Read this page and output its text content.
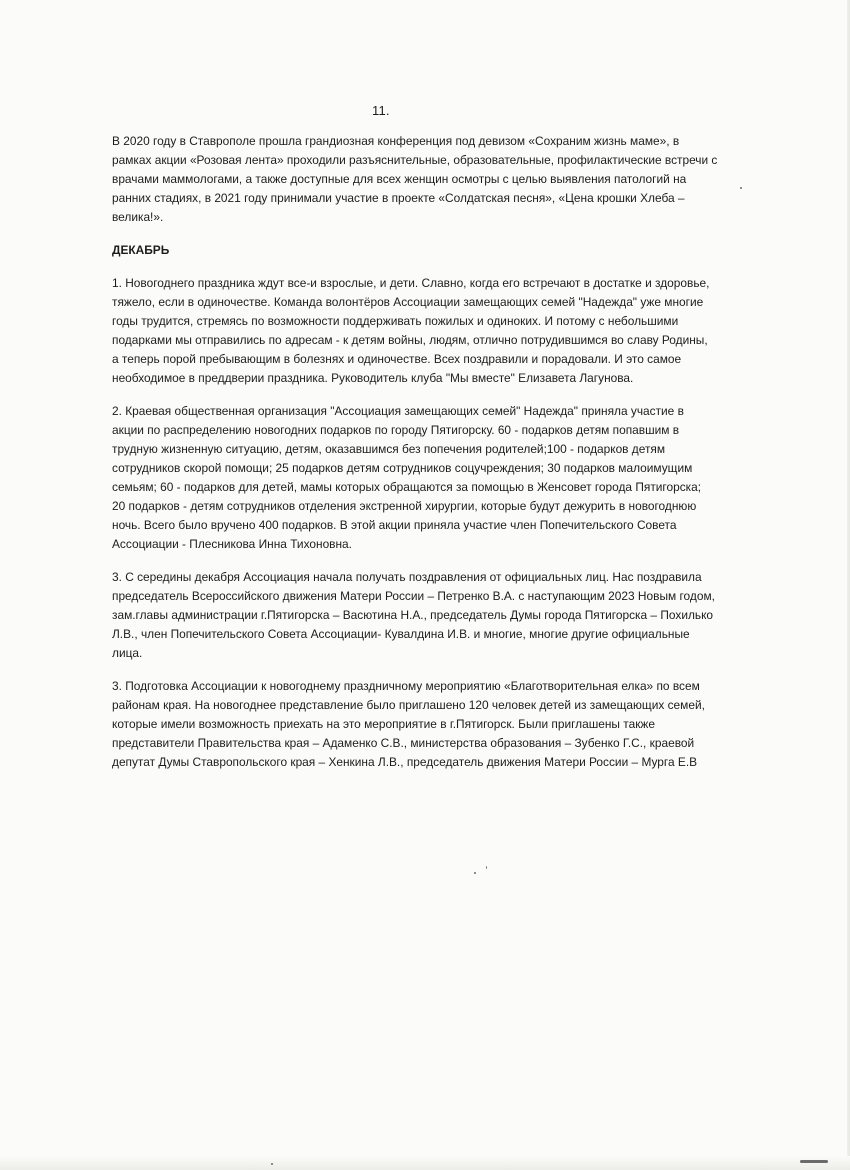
11.
В 2020 году в Ставрополе прошла грандиозная конференция под девизом «Сохраним жизнь маме», в
рамках акции «Розовая лента» проходили разъяснительные, образовательные, профилактические встречи с
врачами маммологами, а также доступные для всех женщин осмотры с целью выявления патологий на
ранних стадиях, в 2021 году принимали участие в проекте «Солдатская песня», «Цена крошки Хлеба –
велика!».
ДЕКАБРЬ
1. Новогоднего праздника ждут все-и взрослые, и дети. Славно, когда его встречают в достатке и здоровье,
тяжело, если в одиночестве. Команда волонтёров Ассоциации замещающих семей "Надежда" уже многие
годы трудится, стремясь по возможности поддерживать пожилых и одиноких. И потому с небольшими
подарками мы отправились по адресам - к детям войны, людям, отлично потрудившимся во славу Родины,
а теперь порой пребывающим в болезнях и одиночестве. Всех поздравили и порадовали. И это самое
необходимое в преддверии праздника. Руководитель клуба "Мы вместе" Елизавета Лагунова.
2. Краевая общественная организация "Ассоциация замещающих семей" Надежда" приняла участие в
акции по распределению новогодних подарков по городу Пятигорску. 60 - подарков детям попавшим в
трудную жизненную ситуацию, детям, оказавшимся без попечения родителей;100 - подарков детям
сотрудников скорой помощи; 25 подарков детям сотрудников соцучреждения; 30 подарков малоимущим
семьям; 60 - подарков для детей, мамы которых обращаются за помощью в Женсовет города Пятигорска;
20 подарков - детям сотрудников отделения экстренной хирургии, которые будут дежурить в новогоднюю
ночь. Всего было вручено 400 подарков. В этой акции приняла участие член Попечительского Совета
Ассоциации - Плесникова Инна Тихоновна.
3. С середины декабря Ассоциация начала получать поздравления от официальных лиц. Нас поздравила
председатель Всероссийского движения Матери России – Петренко В.А. с наступающим 2023 Новым годом,
зам.главы администрации г.Пятигорска – Васютина Н.А., председатель Думы города Пятигорска – Похилько
Л.В., член Попечительского Совета Ассоциации- Кувалдина И.В. и многие, многие другие официальные
лица.
3. Подготовка Ассоциации к новогоднему праздничному мероприятию «Благотворительная елка» по всем
районам края. На новогоднее представление было приглашено 120 человек детей из замещающих семей,
которые имели возможность приехать на это мероприятие в г.Пятигорск. Были приглашены также
представители Правительства края – Адаменко С.В., министерства образования – Зубенко Г.С., краевой
депутат Думы Ставропольского края – Хенкина Л.В., председатель движения Матери России – Мурга Е.В
